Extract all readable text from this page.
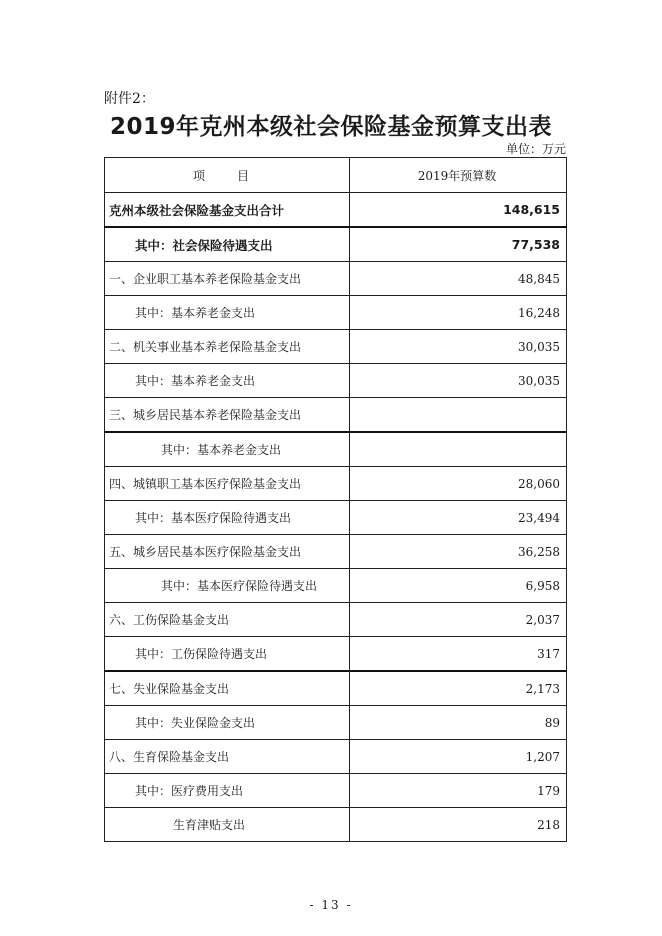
附件2：
2019年克州本级社会保险基金预算支出表
单位：万元
项　目	2019年预算数
克州本级社会保险基金支出合计	148,615
其中：社会保险待遇支出	77,538
一、企业职工基本养老保险基金支出	48,845
其中：基本养老金支出	16,248
二、机关事业基本养老保险基金支出	30,035
其中：基本养老金支出	30,035
三、城乡居民基本养老保险基金支出	
其中：基本养老金支出	
四、城镇职工基本医疗保险基金支出	28,060
其中：基本医疗保险待遇支出	23,494
五、城乡居民基本医疗保险基金支出	36,258
其中：基本医疗保险待遇支出	6,958
六、工伤保险基金支出	2,037
其中：工伤保险待遇支出	317
七、失业保险基金支出	2,173
其中：失业保险金支出	89
八、生育保险基金支出	1,207
其中：医疗费用支出	179
生育津贴支出	218
- 13 -
